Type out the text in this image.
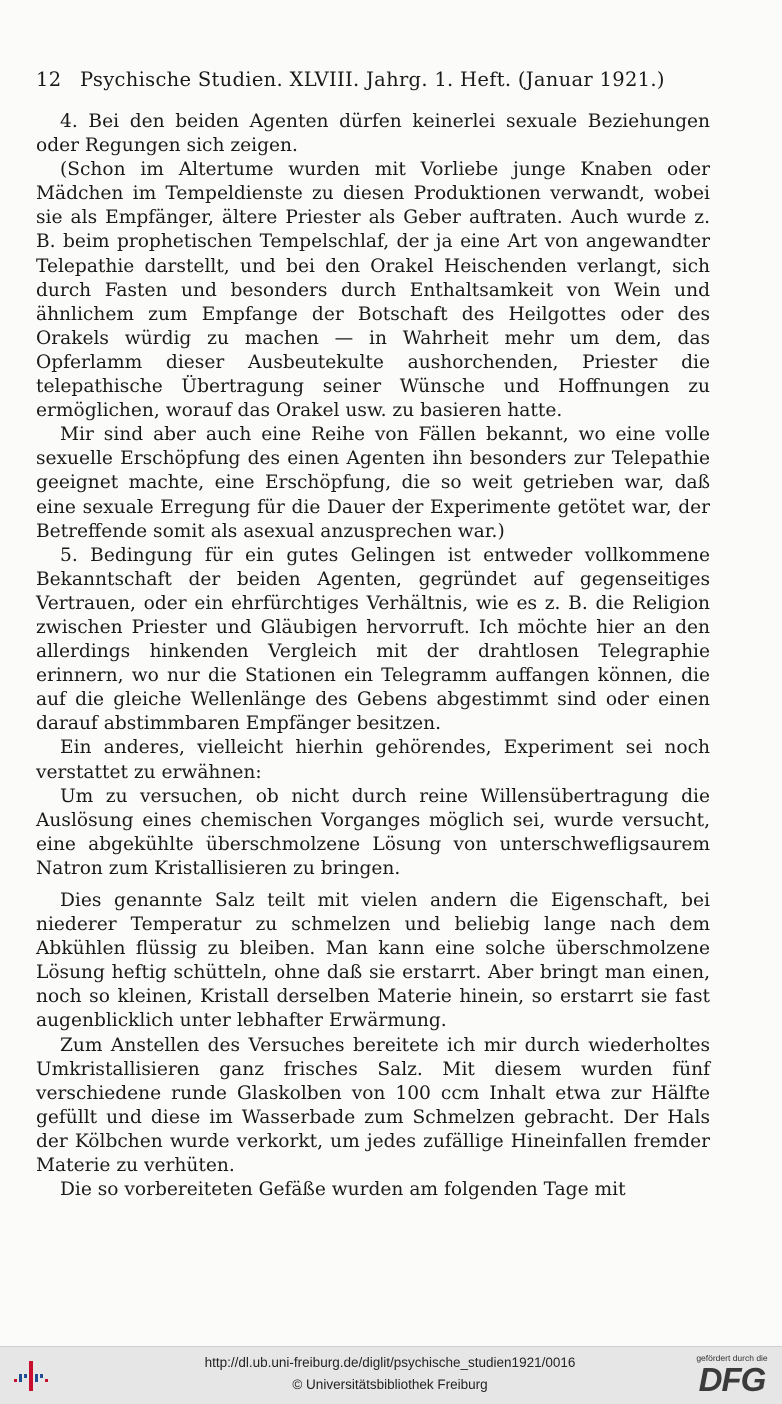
12 Psychische Studien. XLVIII. Jahrg. 1. Heft. (Januar 1921.)

4. Bei den beiden Agenten dürfen keinerlei sexuale Beziehungen oder Regungen sich zeigen.

(Schon im Altertume wurden mit Vorliebe junge Knaben oder Mädchen im Tempeldienste zu diesen Produktionen verwandt, wobei sie als Empfänger, ältere Priester als Geber auftraten. Auch wurde z. B. beim prophetischen Tempelschlaf, der ja eine Art von angewandter Telepathie darstellt, und bei den Orakel Heischenden verlangt, sich durch Fasten und besonders durch Enthaltsamkeit von Wein und ähnlichem zum Empfange der Botschaft des Heilgottes oder des Orakels würdig zu machen — in Wahrheit mehr um dem, das Opferlamm dieser Ausbeutekulte aushorchenden, Priester die telepathische Übertragung seiner Wünsche und Hoffnungen zu ermöglichen, worauf das Orakel usw. zu basieren hatte.

Mir sind aber auch eine Reihe von Fällen bekannt, wo eine volle sexuelle Erschöpfung des einen Agenten ihn besonders zur Telepathie geeignet machte, eine Erschöpfung, die so weit getrieben war, daß eine sexuale Erregung für die Dauer der Experimente getötet war, der Betreffende somit als asexual anzusprechen war.)

5. Bedingung für ein gutes Gelingen ist entweder vollkommene Bekanntschaft der beiden Agenten, gegründet auf gegenseitiges Vertrauen, oder ein ehrfürchtiges Verhältnis, wie es z. B. die Religion zwischen Priester und Gläubigen hervorruft. Ich möchte hier an den allerdings hinkenden Vergleich mit der drahtlosen Telegraphie erinnern, wo nur die Stationen ein Telegramm auffangen können, die auf die gleiche Wellenlänge des Gebens abgestimmt sind oder einen darauf abstimmbaren Empfänger besitzen.

Ein anderes, vielleicht hierhin gehörendes, Experiment sei noch verstattet zu erwähnen:

Um zu versuchen, ob nicht durch reine Willensübertragung die Auslösung eines chemischen Vorganges möglich sei, wurde versucht, eine abgekühlte überschmolzene Lösung von unterschwefligsaurem Natron zum Kristallisieren zu bringen.

Dies genannte Salz teilt mit vielen andern die Eigenschaft, bei niederer Temperatur zu schmelzen und beliebig lange nach dem Abkühlen flüssig zu bleiben. Man kann eine solche überschmolzene Lösung heftig schütteln, ohne daß sie erstarrt. Aber bringt man einen, noch so kleinen, Kristall derselben Materie hinein, so erstarrt sie fast augenblicklich unter lebhafter Erwärmung.

Zum Anstellen des Versuches bereitete ich mir durch wiederholtes Umkristallisieren ganz frisches Salz. Mit diesem wurden fünf verschiedene runde Glaskolben von 100 ccm Inhalt etwa zur Hälfte gefüllt und diese im Wasserbade zum Schmelzen gebracht. Der Hals der Kölbchen wurde verkorkt, um jedes zufällige Hineinfallen fremder Materie zu verhüten.

Die so vorbereiteten Gefäße wurden am folgenden Tage mit

http://dl.ub.uni-freiburg.de/diglit/psychische_studien1921/0016
© Universitätsbibliothek Freiburg
gefördert durch die
DFG
